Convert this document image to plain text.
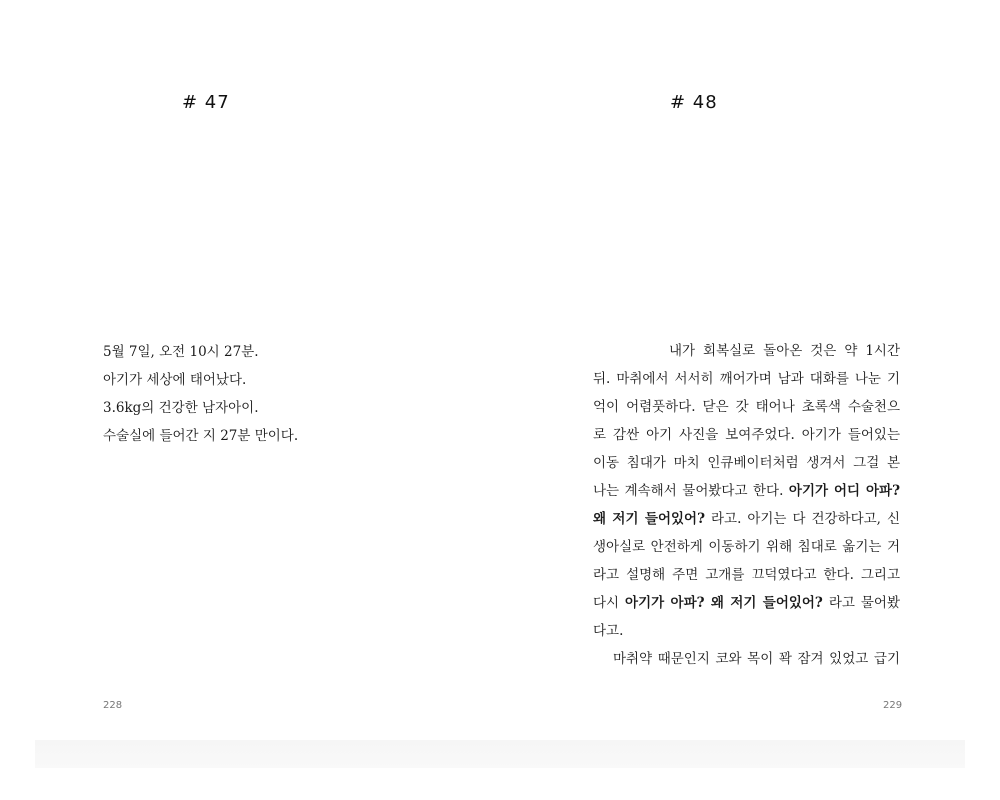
# 47

5월 7일, 오전 10시 27분.

아기가 세상에 태어났다.

3.6kg의 건강한 남자아이.

수술실에 들어간 지 27분 만이다.

228
# 48
내가 회복실로 돌아온 것은 약 1시간
뒤. 마취에서 서서히 깨어가며 남과 대화를 나눈 기
억이 어렴풋하다. 닫은 갓 태어나 초록색 수술천으
로 감싼 아기 사진을 보여주었다. 아기가 들어있는
이동 침대가 마치 인큐베이터처럼 생겨서 그걸 본
나는 계속해서 물어봤다고 한다. 아기가 어디 아파?
왜 저기 들어있어? 라고. 아기는 다 건강하다고, 신
생아실로 안전하게 이동하기 위해 침대로 옮기는 거
라고 설명해 주면 고개를 끄덕였다고 한다. 그리고
다시 아기가 아파? 왜 저기 들어있어? 라고 물어봤
다고.
마취약 때문인지 코와 목이 꽉 잠겨 있었고 급기
229
